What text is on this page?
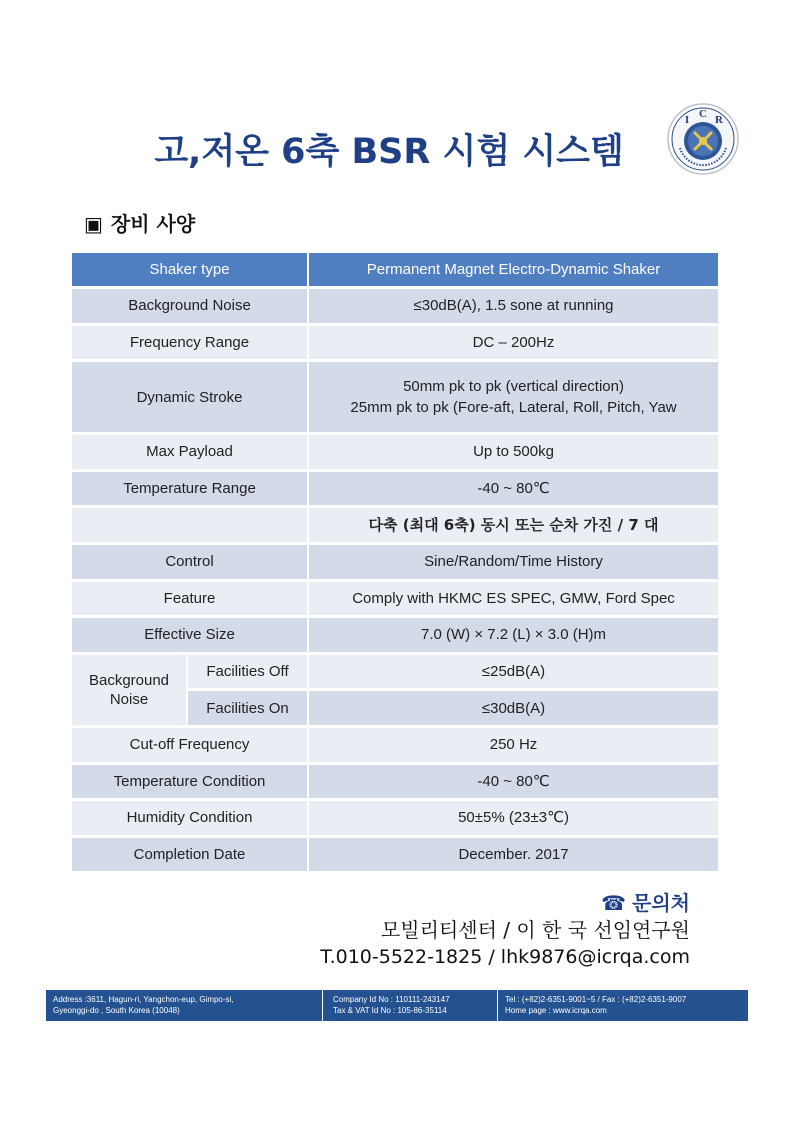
고,저온 6축 BSR 시험 시스템
I C R
▣ 장비 사양
Shaker type		Permanent Magnet Electro-Dynamic Shaker
Background Noise		≤30dB(A), 1.5 sone at running
Frequency Range		DC – 200Hz
Dynamic Stroke		50mm pk to pk (vertical direction)
25mm pk to pk (Fore-aft, Lateral, Roll, Pitch, Yaw

Max Payload		Up to 500kg
Temperature Range		-40 ~ 80℃
		다축 (최대 6축) 동시 또는 순차 가진 / 7 대
Control		Sine/Random/Time History
Feature		Comply with HKMC ES SPEC, GMW, Ford Spec
Effective Size		7.0 (W) × 7.2 (L) × 3.0 (H)m
Background Noise	Facilities Off	≤25dB(A)
	Facilities On	≤30dB(A)
Cut-off Frequency		250 Hz
Temperature Condition		-40 ~ 80℃
Humidity Condition		50±5% (23±3℃)
Completion Date		December. 2017
☎ 문의처
모빌리티센터 / 이 한 국 선임연구원
T.010-5522-1825 / lhk9876@icrqa.com
Address :3611, Hagun-ri, Yangchon-eup, Gimpo-si,
Gyeonggi-do , South Korea (10048)
Company Id No : 110111-243147
Tax & VAT Id No : 105-86-35114
Tel : (+82)2-6351-9001~5 / Fax : (+82)2-6351-9007
Home page : www.icrqa.com
